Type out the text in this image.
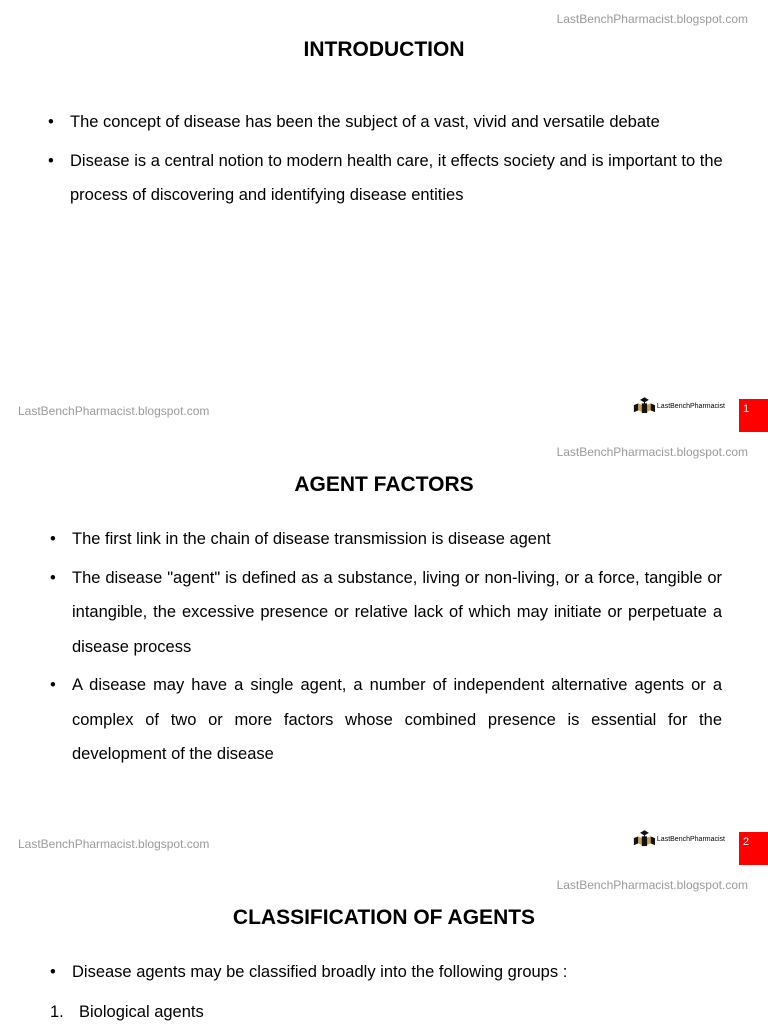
LastBenchPharmacist.blogspot.com
INTRODUCTION
• The concept of disease has been the subject of a vast, vivid and versatile debate
• Disease is a central notion to modern health care, it effects society and is important to the process of discovering and identifying disease entities
LastBenchPharmacist.blogspot.com	LastBenchPharmacist 1
LastBenchPharmacist.blogspot.com
AGENT FACTORS
• The first link in the chain of disease transmission is disease agent
• The disease "agent" is defined as a substance, living or non-living, or a force, tangible or intangible, the excessive presence or relative lack of which may initiate or perpetuate a disease process
• A disease may have a single agent, a number of independent alternative agents or a complex of two or more factors whose combined presence is essential for the development of the disease
LastBenchPharmacist.blogspot.com	LastBenchPharmacist 2
LastBenchPharmacist.blogspot.com
CLASSIFICATION OF AGENTS
• Disease agents may be classified broadly into the following groups :
1. Biological agents
